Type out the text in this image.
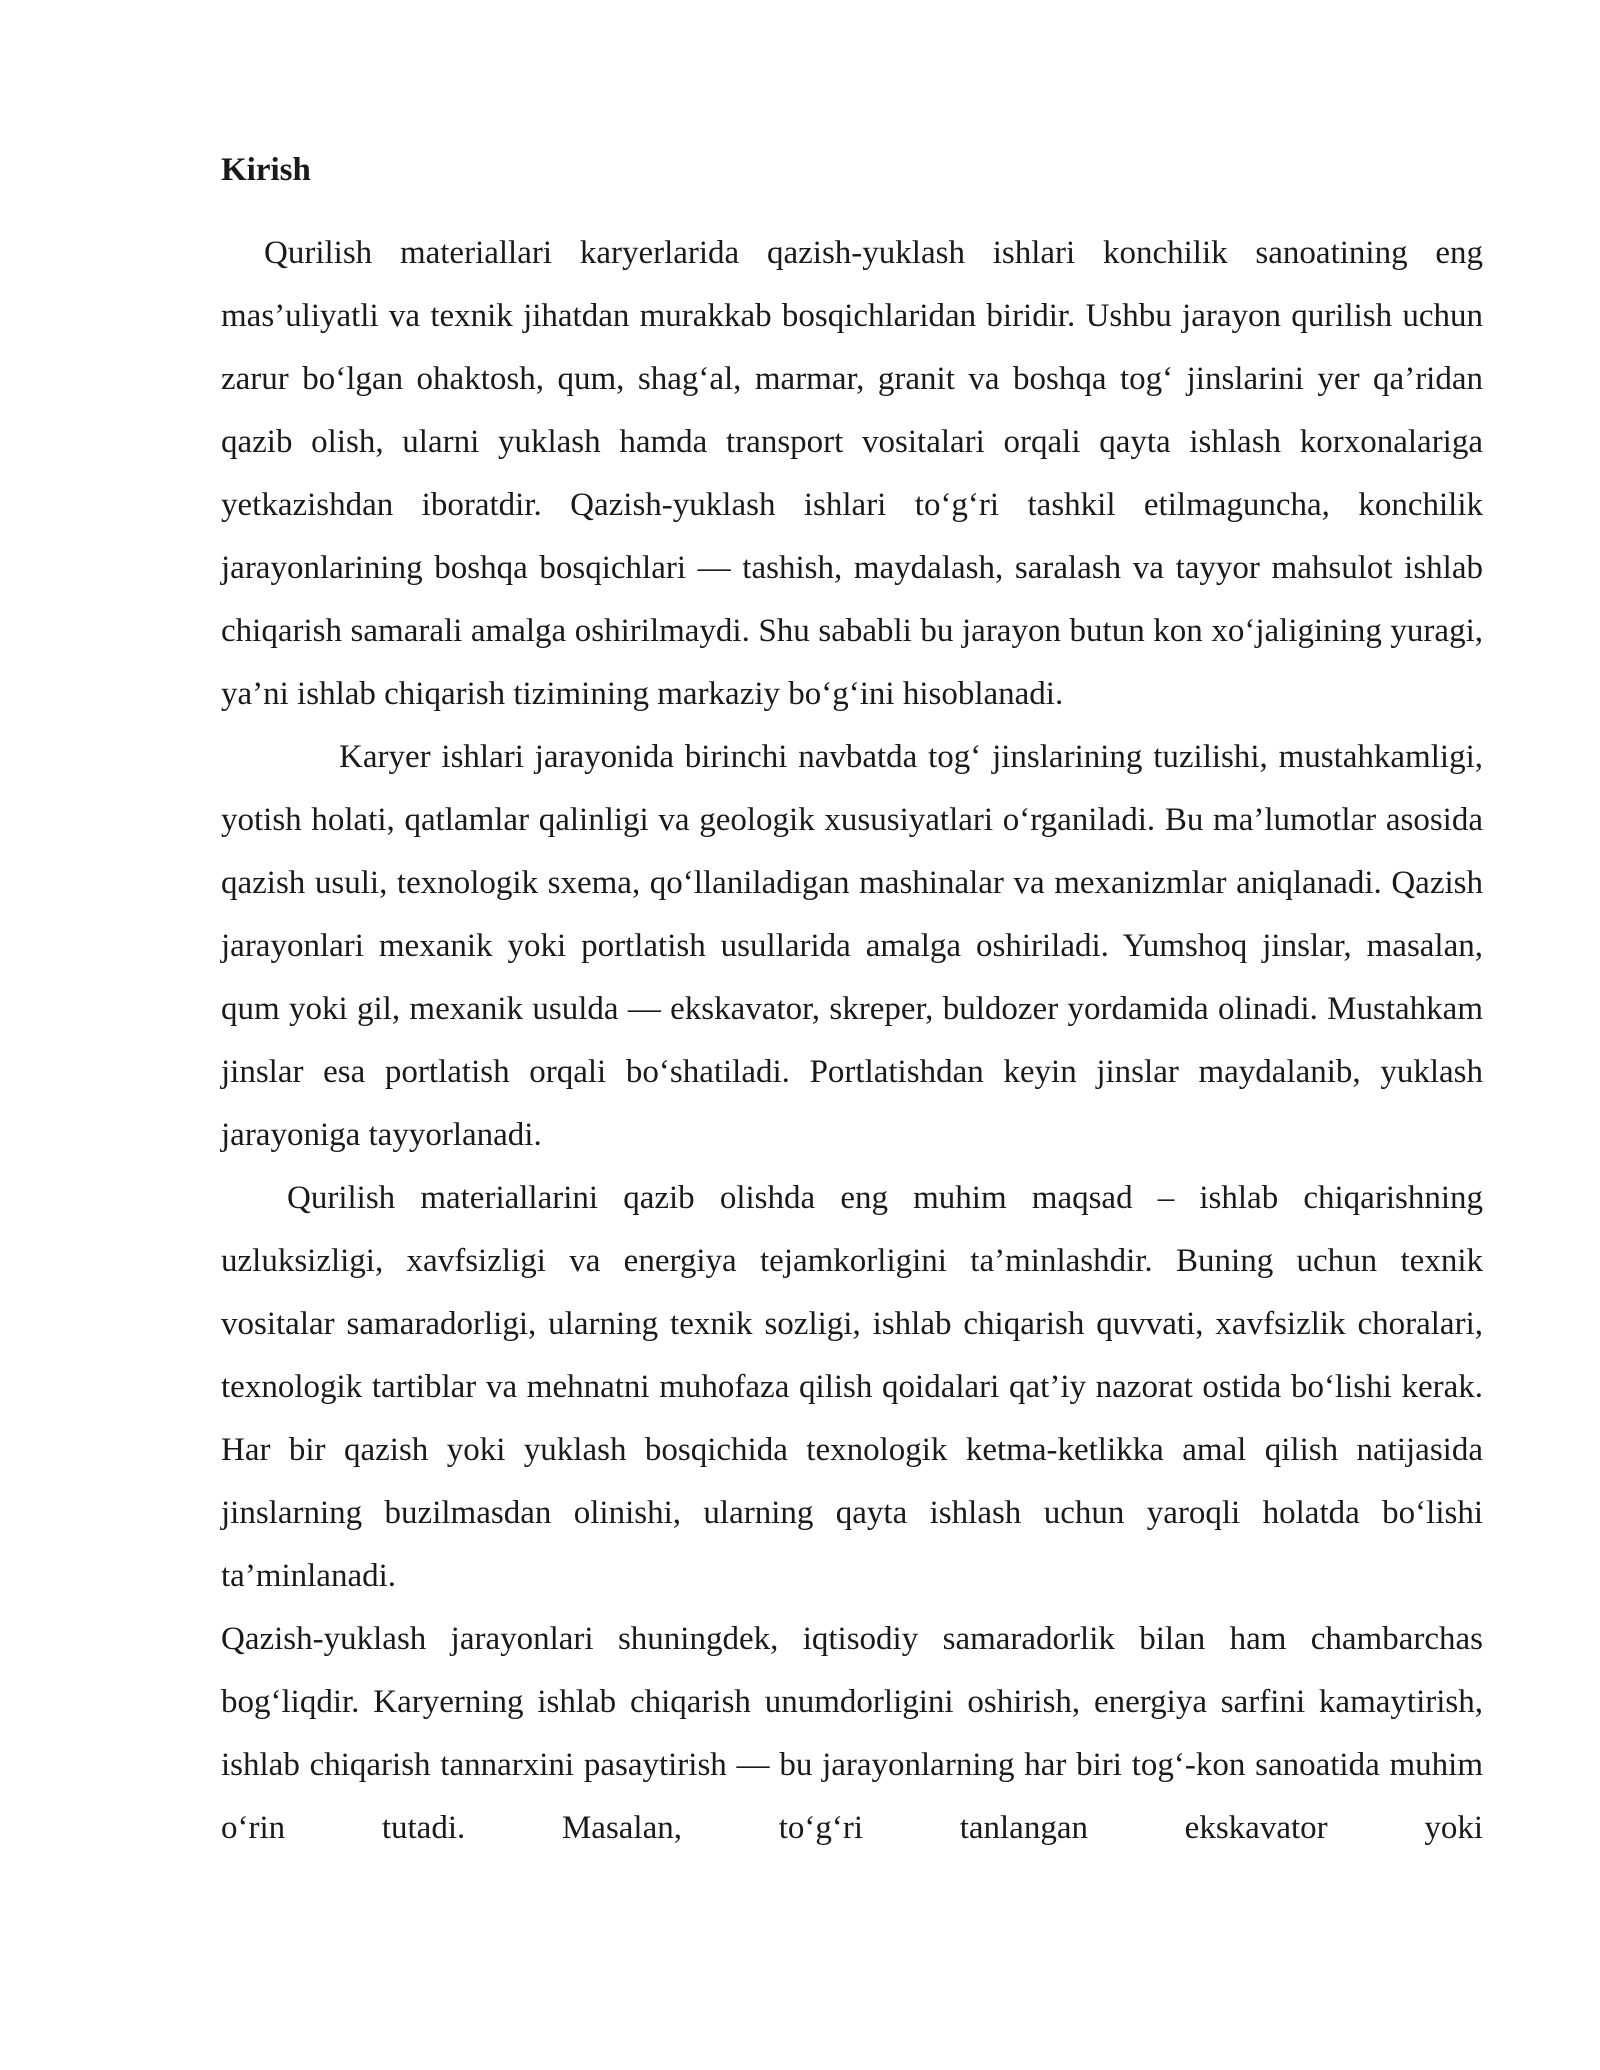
Kirish

Qurilish materiallari karyerlarida qazish-yuklash ishlari konchilik sanoatining eng mas’uliyatli va texnik jihatdan murakkab bosqichlaridan biridir. Ushbu jarayon qurilish uchun zarur bo‘lgan ohaktosh, qum, shag‘al, marmar, granit va boshqa tog‘ jinslarini yer qa’ridan qazib olish, ularni yuklash hamda transport vositalari orqali qayta ishlash korxonalariga yetkazishdan iboratdir. Qazish-yuklash ishlari to‘g‘ri tashkil etilmaguncha, konchilik jarayonlarining boshqa bosqichlari — tashish, maydalash, saralash va tayyor mahsulot ishlab chiqarish samarali amalga oshirilmaydi. Shu sababli bu jarayon butun kon xo‘jaligining yuragi, ya’ni ishlab chiqarish tizimining markaziy bo‘g‘ini hisoblanadi.

Karyer ishlari jarayonida birinchi navbatda tog‘ jinslarining tuzilishi, mustahkamligi, yotish holati, qatlamlar qalinligi va geologik xususiyatlari o‘rganiladi. Bu ma’lumotlar asosida qazish usuli, texnologik sxema, qo‘llaniladigan mashinalar va mexanizmlar aniqlanadi. Qazish jarayonlari mexanik yoki portlatish usullarida amalga oshiriladi. Yumshoq jinslar, masalan, qum yoki gil, mexanik usulda — ekskavator, skreper, buldozer yordamida olinadi. Mustahkam jinslar esa portlatish orqali bo‘shatiladi. Portlatishdan keyin jinslar maydalanib, yuklash jarayoniga tayyorlanadi.

Qurilish materiallarini qazib olishda eng muhim maqsad – ishlab chiqarishning uzluksizligi, xavfsizligi va energiya tejamkorligini ta’minlashdir. Buning uchun texnik vositalar samaradorligi, ularning texnik sozligi, ishlab chiqarish quvvati, xavfsizlik choralari, texnologik tartiblar va mehnatni muhofaza qilish qoidalari qat’iy nazorat ostida bo‘lishi kerak. Har bir qazish yoki yuklash bosqichida texnologik ketma-ketlikka amal qilish natijasida jinslarning buzilmasdan olinishi, ularning qayta ishlash uchun yaroqli holatda bo‘lishi ta’minlanadi.

Qazish-yuklash jarayonlari shuningdek, iqtisodiy samaradorlik bilan ham chambarchas bog‘liqdir. Karyerning ishlab chiqarish unumdorligini oshirish, energiya sarfini kamaytirish, ishlab chiqarish tannarxini pasaytirish — bu jarayonlarning har biri tog‘-kon sanoatida muhim o‘rin tutadi. Masalan, to‘g‘ri tanlangan ekskavator yoki
